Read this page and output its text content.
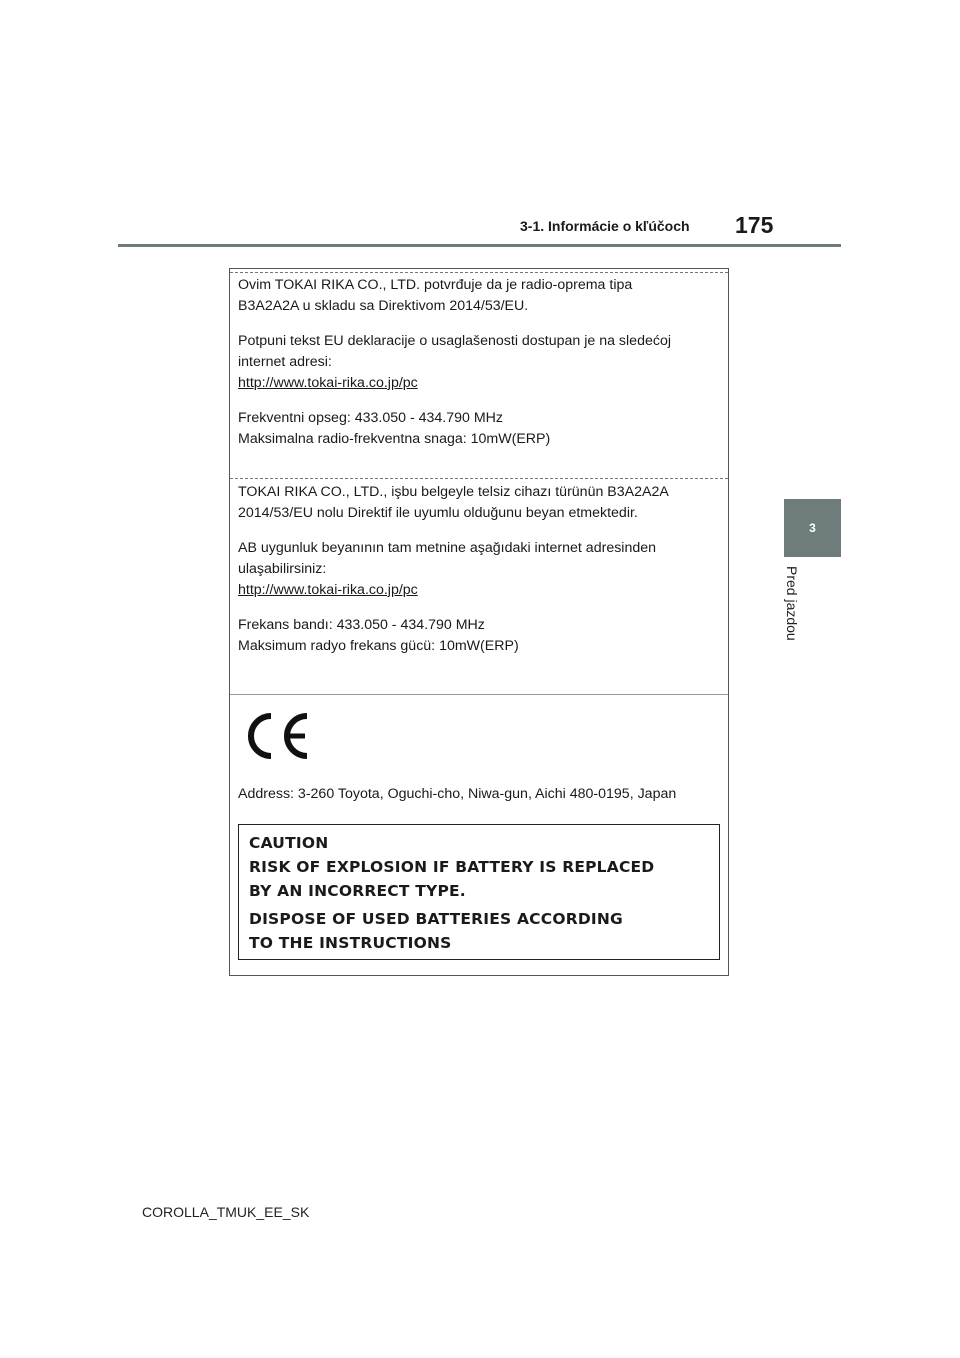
3-1. Informácie o kľúčoch 175
3
Pred jazdou

Ovim TOKAI RIKA CO., LTD. potvrđuje da je radio-oprema tipa

B3A2A2A u skladu sa Direktivom 2014/53/EU.

Potpuni tekst EU deklaracije o usaglašenosti dostupan je na sledećoj

internet adresi:

http://www.tokai-rika.co.jp/pc

Frekventni opseg: 433.050 - 434.790 MHz

Maksimalna radio-frekventna snaga: 10mW(ERP)

TOKAI RIKA CO., LTD., işbu belgeyle telsiz cihazı türünün B3A2A2A

2014/53/EU nolu Direktif ile uyumlu olduğunu beyan etmektedir.

AB uygunluk beyanının tam metnine aşağıdaki internet adresinden

ulaşabilirsiniz:

http://www.tokai-rika.co.jp/pc

Frekans bandı: 433.050 - 434.790 MHz

Maksimum radyo frekans gücü: 10mW(ERP)

Address: 3-260 Toyota, Oguchi-cho, Niwa-gun, Aichi 480-0195, Japan
CAUTION
RISK OF EXPLOSION IF BATTERY IS REPLACED
BY AN INCORRECT TYPE.
DISPOSE OF USED BATTERIES ACCORDING
TO THE INSTRUCTIONS
COROLLA_TMUK_EE_SK
